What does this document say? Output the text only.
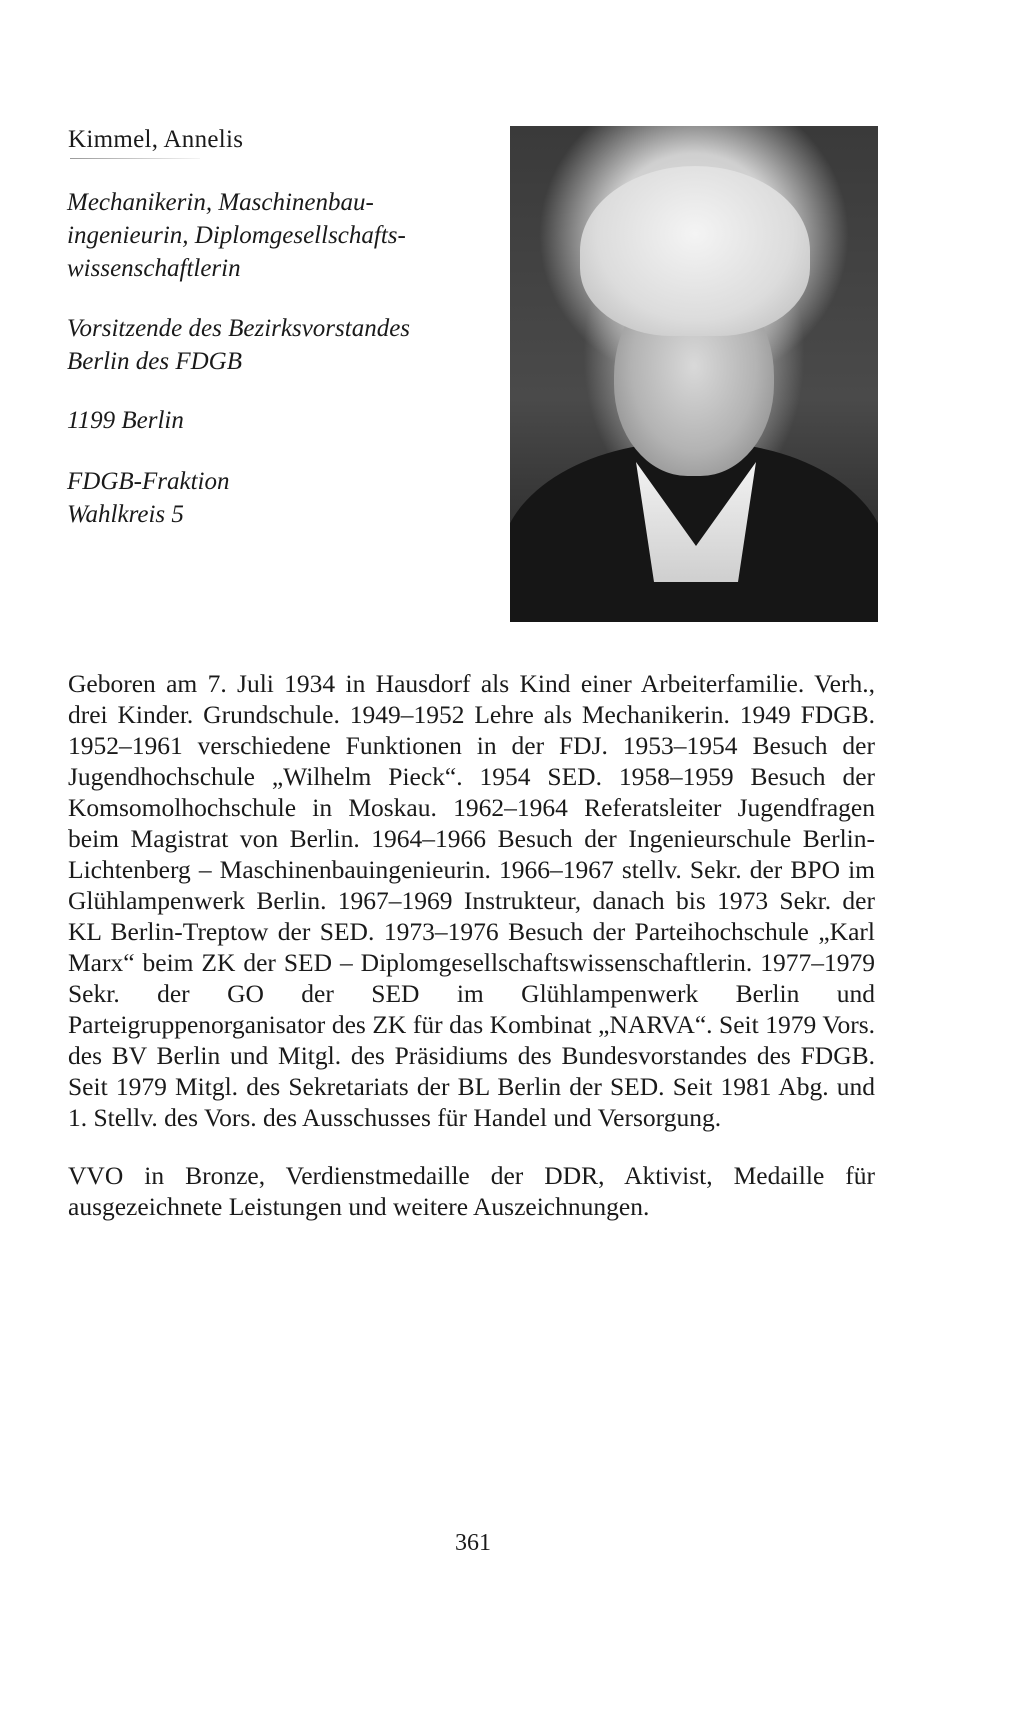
Kimmel, Annelis

Mechanikerin, Maschinenbau-ingenieurin, Diplomgesellschafts-wissenschaftlerin

Vorsitzende des Bezirksvorstandes Berlin des FDGB

1199 Berlin

FDGB-Fraktion
Wahlkreis 5

Geboren am 7. Juli 1934 in Hausdorf als Kind einer Arbeiterfamilie. Verh., drei Kinder. Grundschule. 1949–1952 Lehre als Mechanikerin. 1949 FDGB. 1952–1961 verschiedene Funktionen in der FDJ. 1953–1954 Besuch der Jugendhochschule „Wilhelm Pieck“. 1954 SED. 1958–1959 Besuch der Komsomolhochschule in Moskau. 1962–1964 Referatsleiter Jugendfragen beim Magistrat von Berlin. 1964–1966 Besuch der Ingenieurschule Berlin-Lichtenberg – Maschinenbauingenieurin. 1966–1967 stellv. Sekr. der BPO im Glühlampenwerk Berlin. 1967–1969 Instrukteur, danach bis 1973 Sekr. der KL Berlin-Treptow der SED. 1973–1976 Besuch der Parteihochschule „Karl Marx“ beim ZK der SED – Diplomgesellschaftswissenschaftlerin. 1977–1979 Sekr. der GO der SED im Glühlampenwerk Berlin und Parteigruppenorganisator des ZK für das Kombinat „NARVA“. Seit 1979 Vors. des BV Berlin und Mitgl. des Präsidiums des Bundesvorstandes des FDGB. Seit 1979 Mitgl. des Sekretariats der BL Berlin der SED. Seit 1981 Abg. und 1. Stellv. des Vors. des Ausschusses für Handel und Versorgung.

VVO in Bronze, Verdienstmedaille der DDR, Aktivist, Medaille für ausgezeichnete Leistungen und weitere Auszeichnungen.

361
